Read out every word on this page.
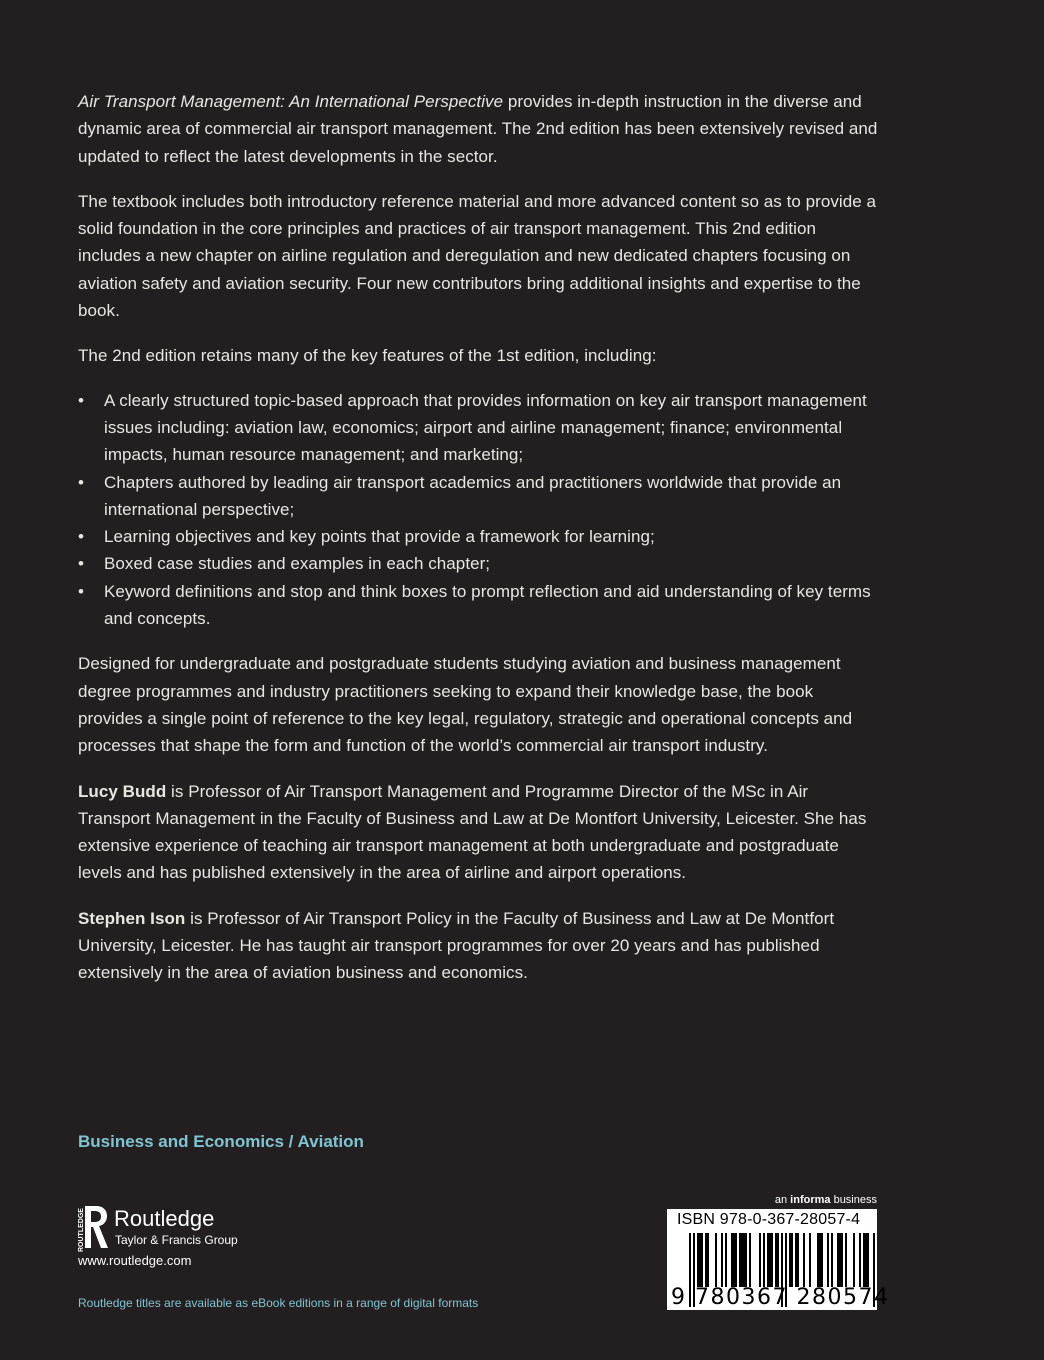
Air Transport Management: An International Perspective provides in-depth instruction in the diverse and dynamic area of commercial air transport management. The 2nd edition has been extensively revised and updated to reflect the latest developments in the sector.

The textbook includes both introductory reference material and more advanced content so as to provide a solid foundation in the core principles and practices of air transport management. This 2nd edition includes a new chapter on airline regulation and deregulation and new dedicated chapters focusing on aviation safety and aviation security. Four new contributors bring additional insights and expertise to the book.

The 2nd edition retains many of the key features of the 1st edition, including:

• A clearly structured topic-based approach that provides information on key air transport management issues including: aviation law, economics; airport and airline management; finance; environmental impacts, human resource management; and marketing;
• Chapters authored by leading air transport academics and practitioners worldwide that provide an international perspective;
• Learning objectives and key points that provide a framework for learning;
• Boxed case studies and examples in each chapter;
• Keyword definitions and stop and think boxes to prompt reflection and aid understanding of key terms and concepts.

Designed for undergraduate and postgraduate students studying aviation and business management degree programmes and industry practitioners seeking to expand their knowledge base, the book provides a single point of reference to the key legal, regulatory, strategic and operational concepts and processes that shape the form and function of the world’s commercial air transport industry.

Lucy Budd is Professor of Air Transport Management and Programme Director of the MSc in Air Transport Management in the Faculty of Business and Law at De Montfort University, Leicester. She has extensive experience of teaching air transport management at both undergraduate and postgraduate levels and has published extensively in the area of airline and airport operations.

Stephen Ison is Professor of Air Transport Policy in the Faculty of Business and Law at De Montfort University, Leicester. He has taught air transport programmes for over 20 years and has published extensively in the area of aviation business and economics.

Business and Economics / Aviation
ROUTLEDGE Routledge
Taylor & Francis Group
www.routledge.com
Routledge titles are available as eBook editions in a range of digital formats
an informa business
ISBN 978-0-367-28057-4
9 780367 280574
